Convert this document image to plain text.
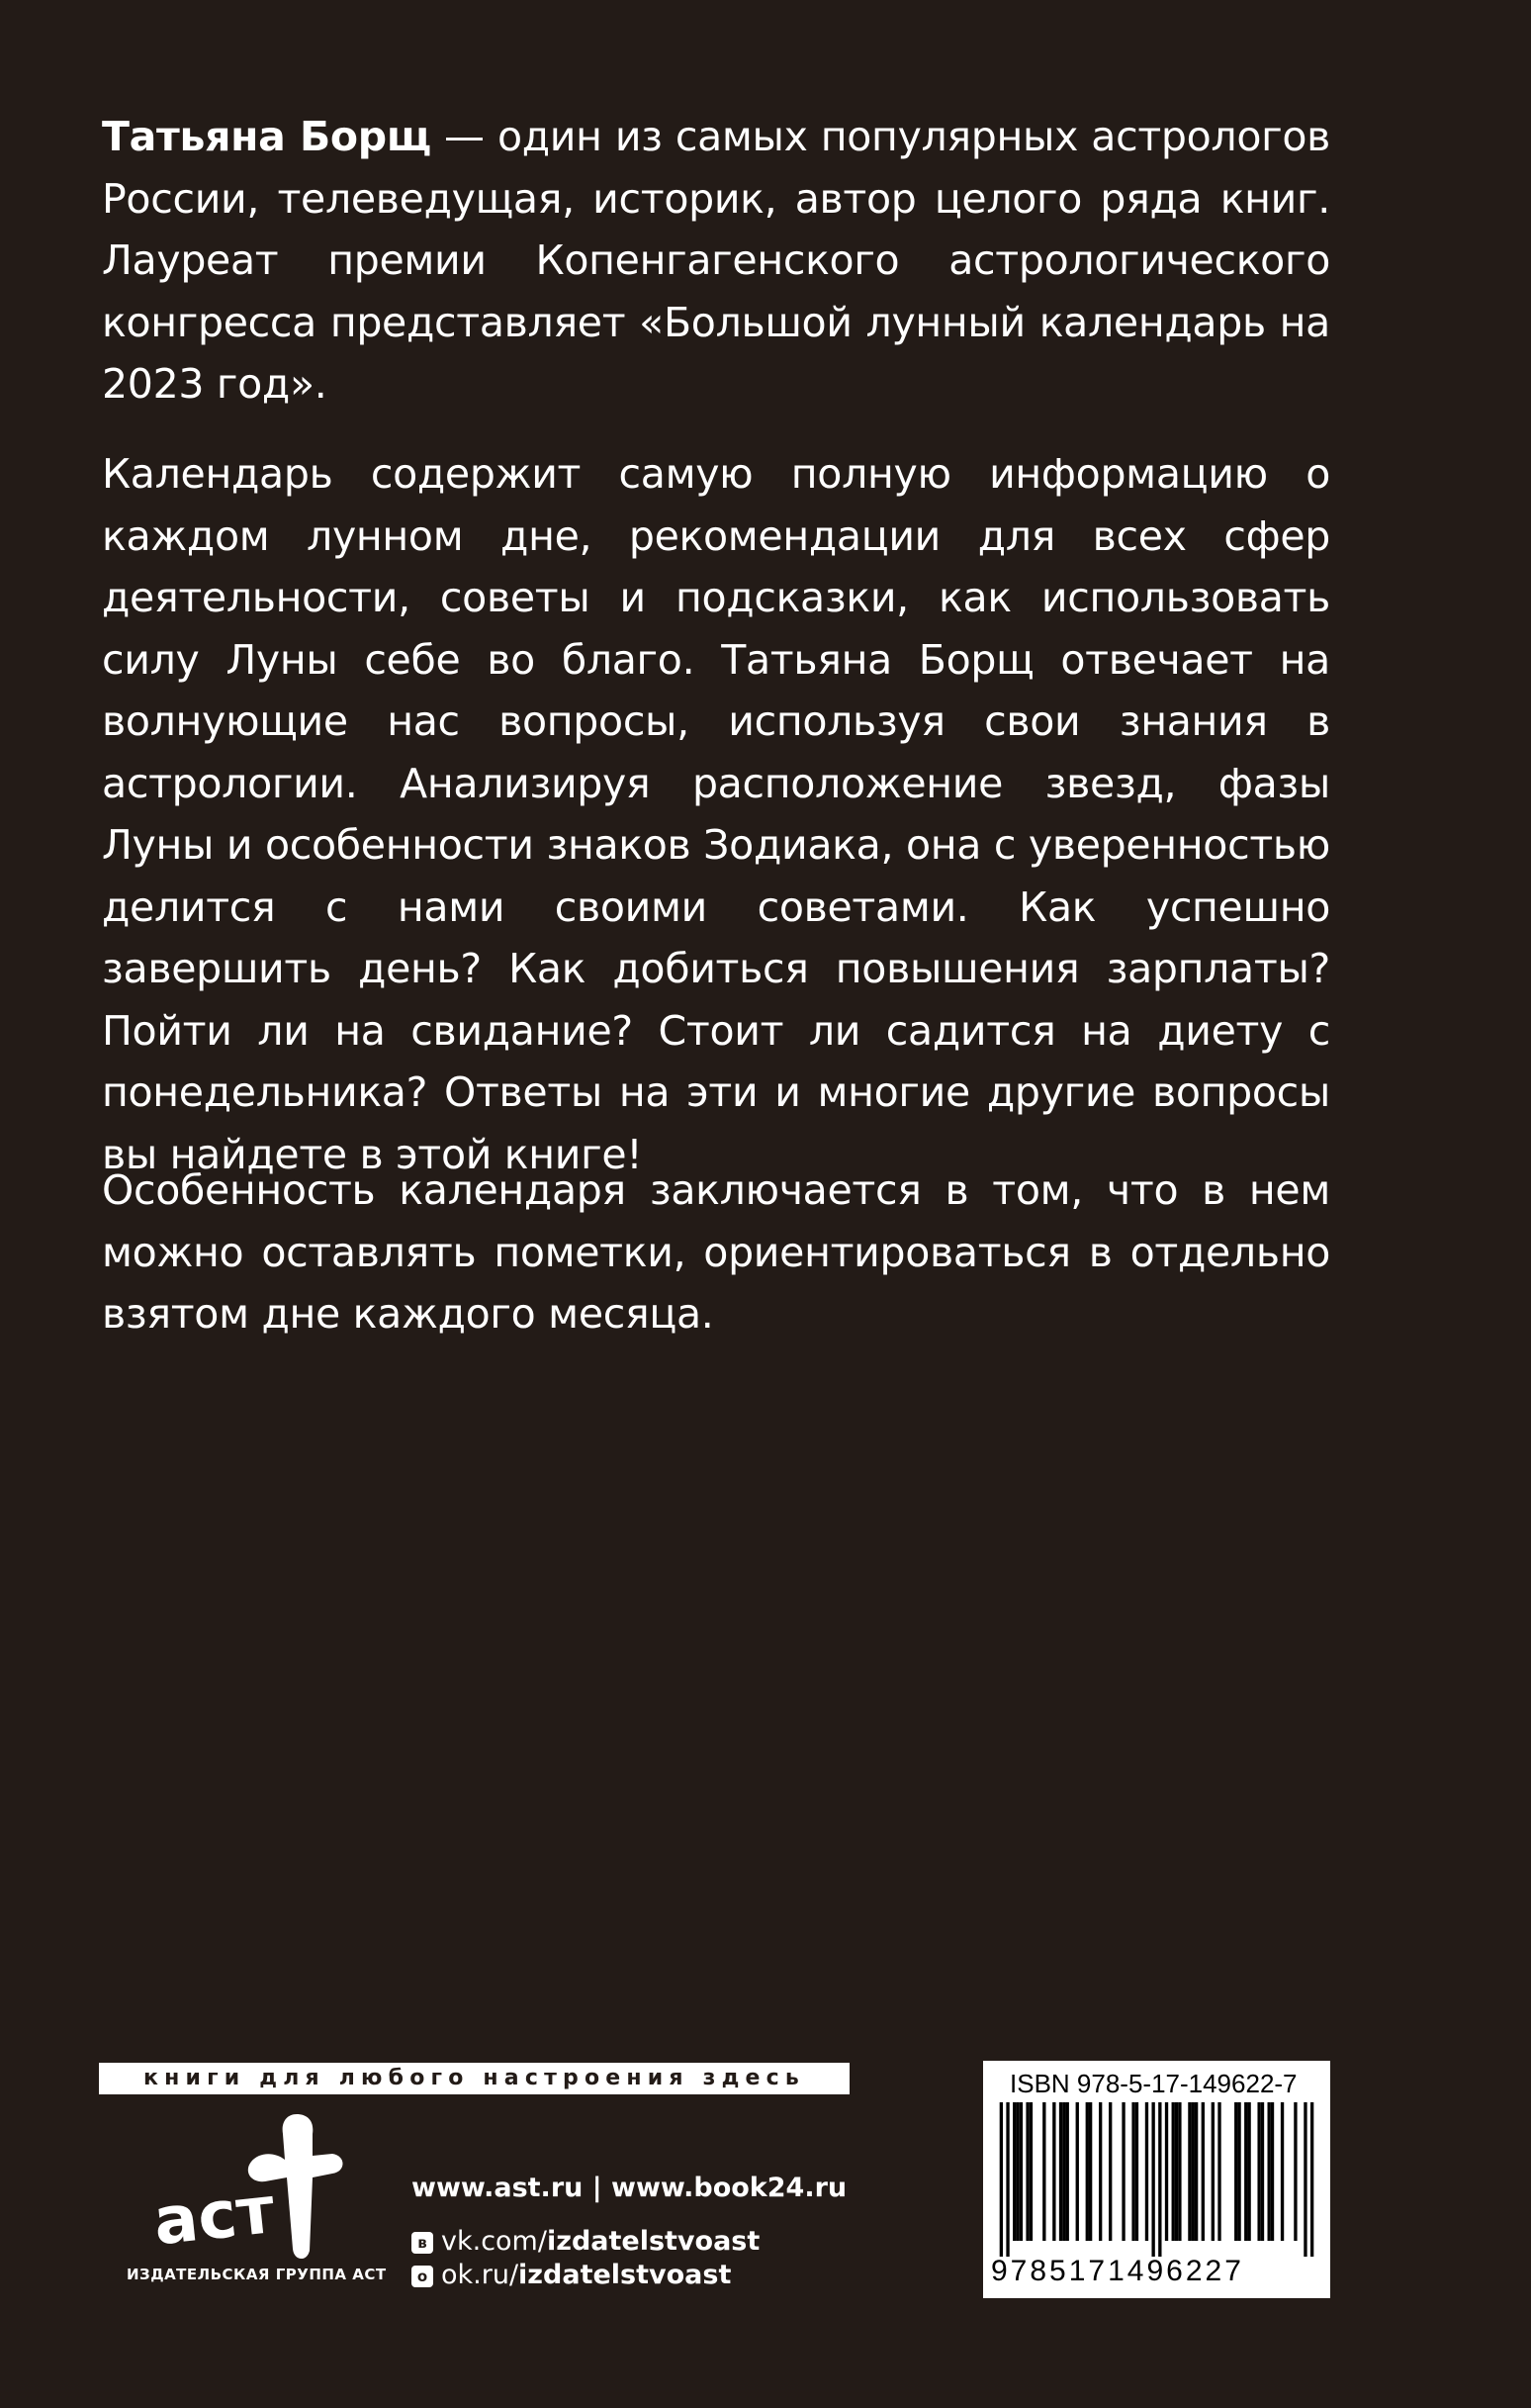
Татьяна Борщ — один из самых популярных астрологов России, телеведущая, историк, автор целого ряда книг. Лауреат премии Копенгагенского астрологического конгресса представляет «Большой лунный календарь на 2023 год».

Календарь содержит самую полную информацию о каждом лунном дне, рекомендации для всех сфер деятельности, советы и подсказки, как использовать силу Луны себе во благо. Татьяна Борщ отвечает на волнующие нас вопросы, используя свои знания в астрологии. Анализируя расположение звезд, фазы Луны и особенности знаков Зодиака, она с уверенностью делится с нами своими советами. Как успешно завершить день? Как добиться повышения зарплаты? Пойти ли на свидание? Стоит ли садится на диету с понедельника? Ответы на эти и многие другие вопросы вы найдете в этой книге!

Особенность календаря заключается в том, что в нем можно оставлять пометки, ориентироваться в отдельно взятом дне каждого месяца.

книги для любого настроения здесь
аст
ИЗДАТЕЛЬСКАЯ ГРУППА АСТ
www.ast.ru | www.book24.ru
в vk.com/izdatelstvoast
о ok.ru/izdatelstvoast
ISBN 978-5-17-149622-7
9785171496227
